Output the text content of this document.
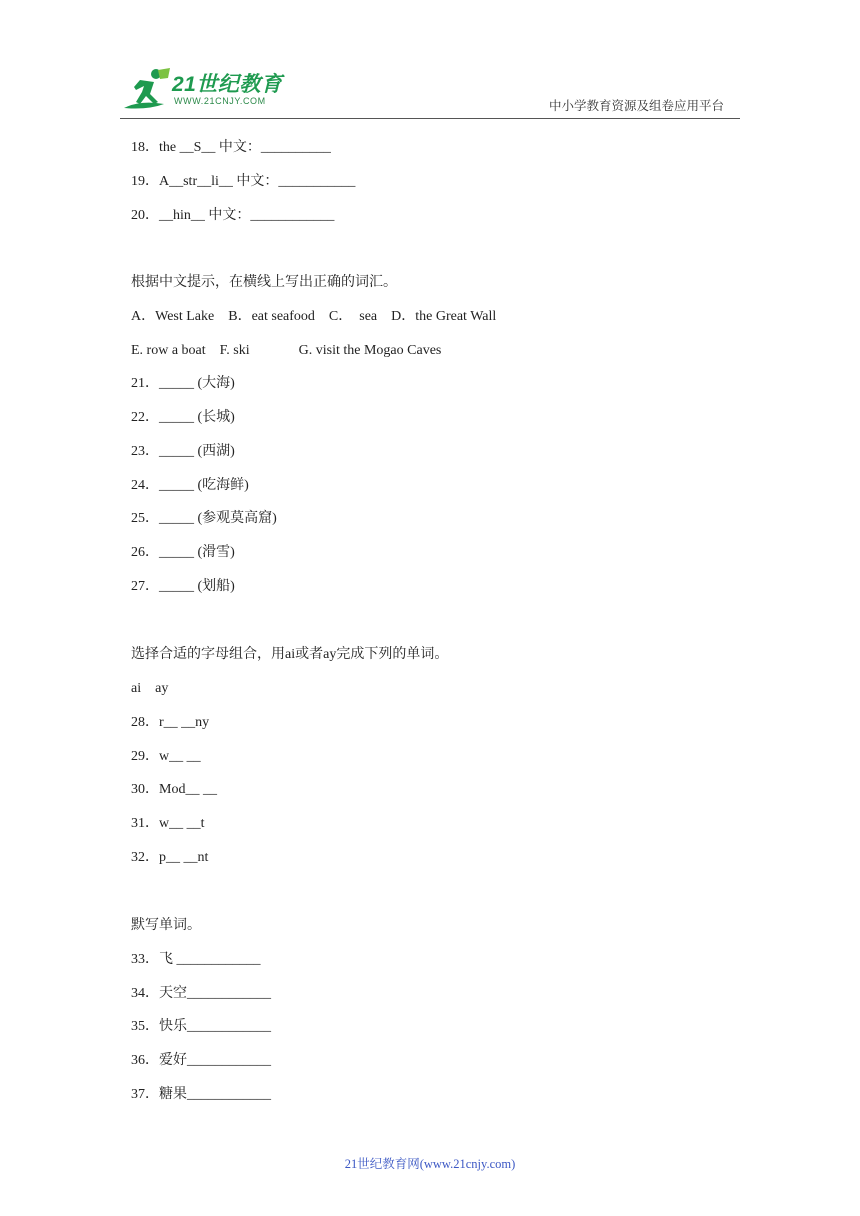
21世纪教育
WWW.21CNJY.COM	中小学教育资源及组卷应用平台
18．the __S__ 中文：__________
19．A__str__li__ 中文：___________
20．__hin__ 中文：____________
根据中文提示，在横线上写出正确的词汇。
A．West Lake    B．eat seafood    C．  sea    D．the Great Wall
E. row a boat    F. ski              G. visit the Mogao Caves
21．_____ (大海)
22．_____ (长城)
23．_____ (西湖)
24．_____ (吃海鲜)
25．_____ (参观莫高窟)
26．_____ (滑雪)
27．_____ (划船)
选择合适的字母组合，用ai或者ay完成下列的单词。
ai    ay
28．r__ __ny
29．w__ __
30．Mod__ __
31．w__ __t
32．p__ __nt
默写单词。
33．飞 ____________
34．天空____________
35．快乐____________
36．爱好____________
37．糖果____________
21世纪教育网(www.21cnjy.com)
